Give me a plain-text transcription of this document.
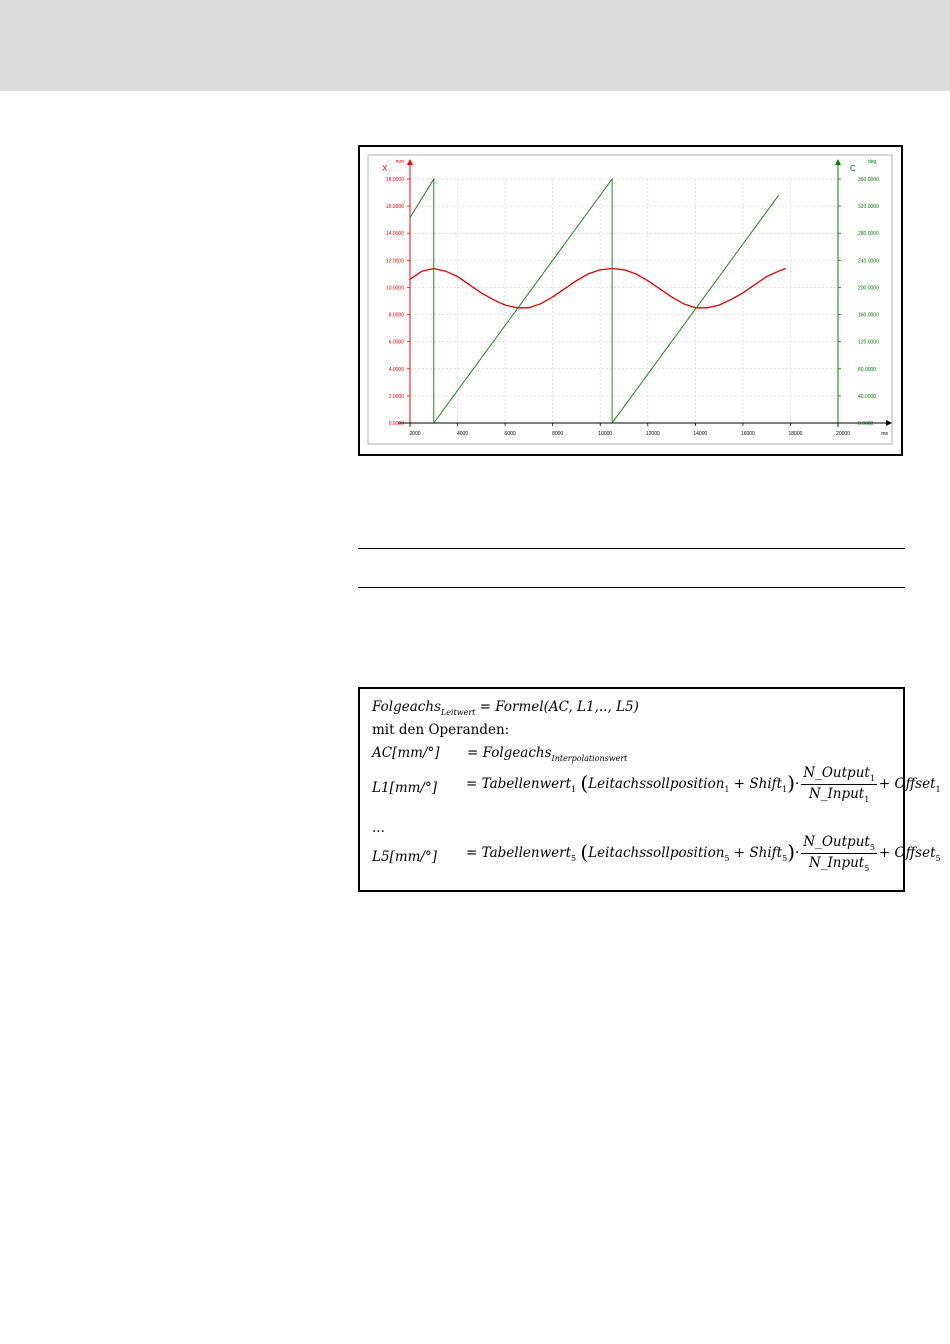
0.0000
2.0000
4.0000
6.0000
8.0000
10.0000
12.0000
14.0000
16.0000
18.0000
mm
X
0.0000
40.0000
80.0000
120.0000
160.0000
200.0000
240.0000
280.0000
320.0000
360.0000
deg
C
2000	4000	6000	8000	10000	12000	14000	16000	18000	20000	ms
Folgeachs$_{Leitwert}$ = Formel(AC, L1,.., L5)
mit den Operanden:
AC[mm/°] = Folgeachs$_{Interpolationswert}$
L1[mm/°] = Tabellenwert$_1$ (Leitachssollposition$_1$ + Shift$_1$)· $\frac{N\_Output_1}{N\_Input_1}$ + Offset$_1$
...
L5[mm/°] = Tabellenwert$_5$ (Leitachssollposition$_5$ + Shift$_5$)· $\frac{N\_Output_5}{N\_Input_5}$ + Offset$_5$
